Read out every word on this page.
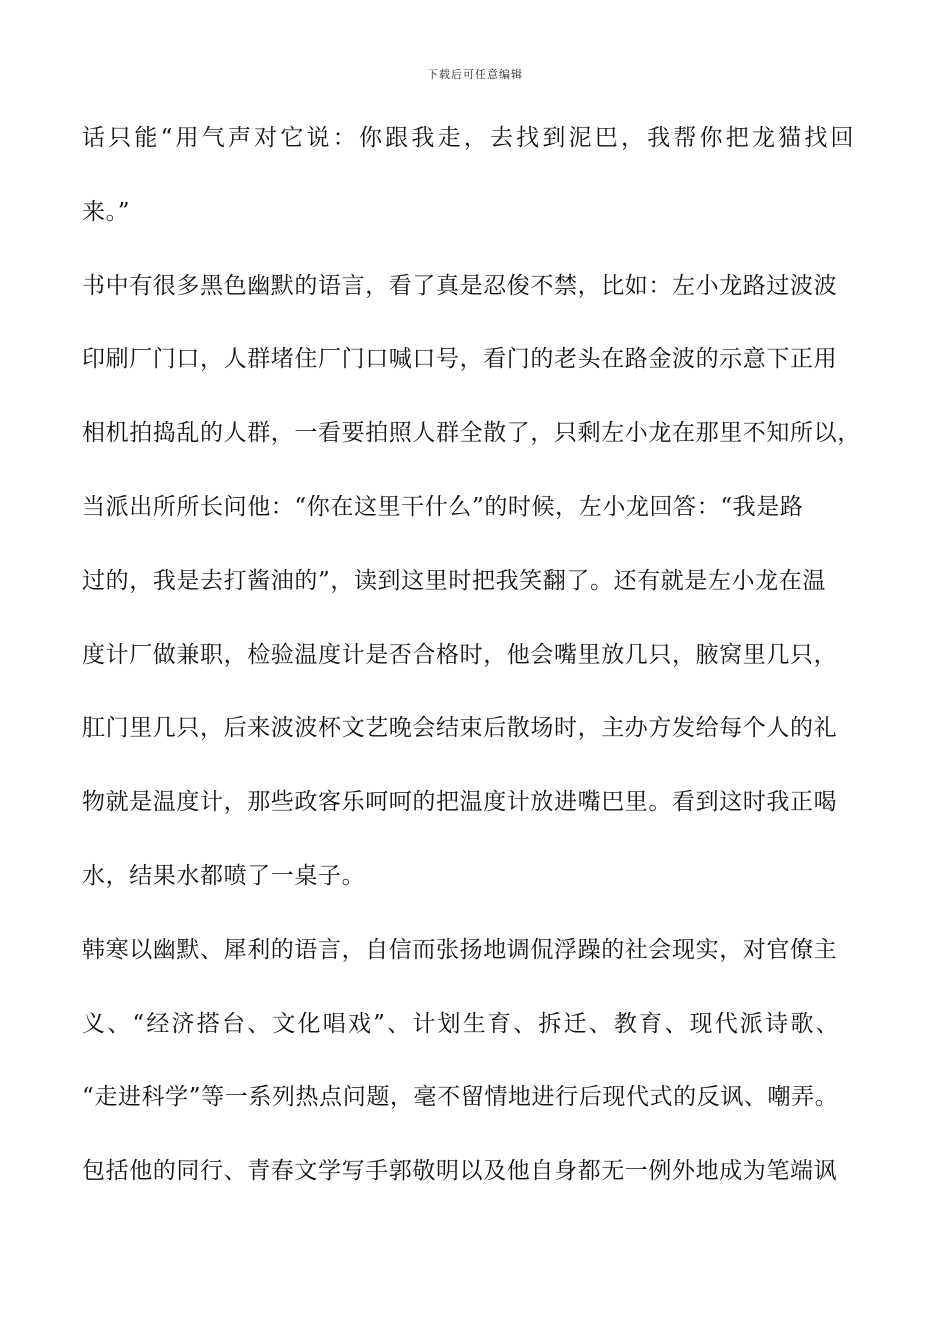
下载后可任意编辑
话只能“用气声对它说：你跟我走，去找到泥巴，我帮你把龙猫找回
来。”
书中有很多黑色幽默的语言，看了真是忍俊不禁，比如：左小龙路过波波
印刷厂门口，人群堵住厂门口喊口号，看门的老头在路金波的示意下正用
相机拍捣乱的人群，一看要拍照人群全散了，只剩左小龙在那里不知所以，
当派出所所长问他：“你在这里干什么”的时候，左小龙回答：“我是路
过的，我是去打酱油的”，读到这里时把我笑翻了。还有就是左小龙在温
度计厂做兼职，检验温度计是否合格时，他会嘴里放几只，腋窝里几只，
肛门里几只，后来波波杯文艺晚会结束后散场时，主办方发给每个人的礼
物就是温度计，那些政客乐呵呵的把温度计放进嘴巴里。看到这时我正喝
水，结果水都喷了一桌子。
韩寒以幽默、犀利的语言，自信而张扬地调侃浮躁的社会现实，对官僚主
义、“经济搭台、文化唱戏”、计划生育、拆迁、教育、现代派诗歌、
“走进科学”等一系列热点问题，毫不留情地进行后现代式的反讽、嘲弄。
包括他的同行、青春文学写手郭敬明以及他自身都无一例外地成为笔端讽
